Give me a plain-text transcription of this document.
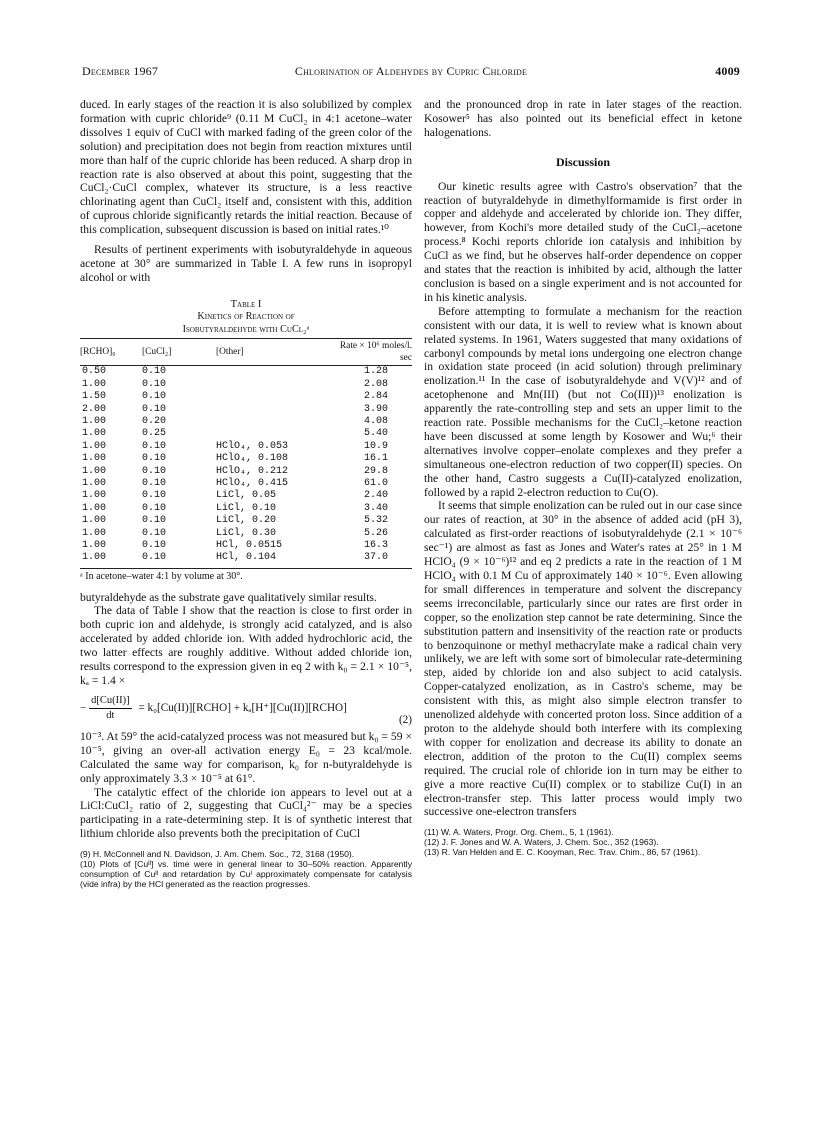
December 1967	Chlorination of Aldehydes by Cupric Chloride	4009

duced. In early stages of the reaction it is also solubilized by complex formation with cupric chloride⁹ (0.11 M CuCl₂ in 4:1 acetone–water dissolves 1 equiv of CuCl with marked fading of the green color of the solution) and precipitation does not begin from reaction mixtures until more than half of the cupric chloride has been reduced. A sharp drop in reaction rate is also observed at about this point, suggesting that the CuCl₂·CuCl complex, whatever its structure, is a less reactive chlorinating agent than CuCl₂ itself and, consistent with this, addition of cuprous chloride significantly retards the initial reaction. Because of this complication, subsequent discussion is based on initial rates.¹⁰

Results of pertinent experiments with isobutyraldehyde in aqueous acetone at 30° are summarized in Table I. A few runs in isopropyl alcohol or with

Table I
Kinetics of Reaction of
Isobutyraldehyde with CuCl₂ᵃ
[RCHO]₀	[CuCl₂]	[Other]	Rate × 10⁶ moles/l. sec
0.50	0.10		1.28
1.00	0.10		2.08
1.50	0.10		2.84
2.00	0.10		3.90
1.00	0.20		4.08
1.00	0.25		5.40
1.00	0.10	HClO₄, 0.053	10.9
1.00	0.10	HClO₄, 0.108	16.1
1.00	0.10	HClO₄, 0.212	29.8
1.00	0.10	HClO₄, 0.415	61.0
1.00	0.10	LiCl, 0.05	2.40
1.00	0.10	LiCl, 0.10	3.40
1.00	0.10	LiCl, 0.20	5.32
1.00	0.10	LiCl, 0.30	5.26
1.00	0.10	HCl, 0.0515	16.3
1.00	0.10	HCl, 0.104	37.0
ᵃ In acetone–water 4:1 by volume at 30°.

butyraldehyde as the substrate gave qualitatively similar results.

The data of Table I show that the reaction is close to first order in both cupric ion and aldehyde, is strongly acid catalyzed, and is also accelerated by added chloride ion. With added hydrochloric acid, the two latter effects are roughly additive. Without added chloride ion, results correspond to the expression given in eq 2 with k₀ = 2.1 × 10⁻⁵, kₐ = 1.4 ×

− $\frac{d[Cu(II)]}{dt}$ = k₀[Cu(II)][RCHO] + kₐ[H⁺][Cu(II)][RCHO]
(2)

10⁻³. At 59° the acid-catalyzed process was not measured but k₀ = 59 × 10⁻⁵, giving an over-all activation energy E₀ = 23 kcal/mole. Calculated the same way for comparison, k₀ for n-butyraldehyde is only approximately 3.3 × 10⁻⁵ at 61°.

The catalytic effect of the chloride ion appears to level out at a LiCl:CuCl₂ ratio of 2, suggesting that CuCl₄²⁻ may be a species participating in a rate-determining step. It is of synthetic interest that lithium chloride also prevents both the precipitation of CuCl

(9) H. McConnell and N. Davidson, J. Am. Chem. Soc., 72, 3168 (1950).
(10) Plots of [Cuᴵᴵ] vs. time were in general linear to 30–50% reaction. Apparently consumption of Cuᴵᴵ and retardation by Cuᴵ approximately compensate for catalysis (vide infra) by the HCl generated as the reaction progresses.

and the pronounced drop in rate in later stages of the reaction. Kosower⁵ has also pointed out its beneficial effect in ketone halogenations.

Discussion

Our kinetic results agree with Castro's observation⁷ that the reaction of butyraldehyde in dimethylformamide is first order in copper and aldehyde and accelerated by chloride ion. They differ, however, from Kochi's more detailed study of the CuCl₂–acetone process.⁸ Kochi reports chloride ion catalysis and inhibition by CuCl as we find, but he observes half-order dependence on copper and states that the reaction is inhibited by acid, although the latter conclusion is based on a single experiment and is not accounted for in his kinetic analysis.

Before attempting to formulate a mechanism for the reaction consistent with our data, it is well to review what is known about related systems. In 1961, Waters suggested that many oxidations of carbonyl compounds by metal ions undergoing one electron change in oxidation state proceed (in acid solution) through preliminary enolization.¹¹ In the case of isobutyraldehyde and V(V)¹² and of acetophenone and Mn(III) (but not Co(III))¹³ enolization is apparently the rate-controlling step and sets an upper limit to the reaction rate. Possible mechanisms for the CuCl₂–ketone reaction have been discussed at some length by Kosower and Wu;⁶ their alternatives involve copper–enolate complexes and they prefer a simultaneous one-electron reduction of two copper(II) species. On the other hand, Castro suggests a Cu(II)-catalyzed enolization, followed by a rapid 2-electron reduction to Cu(O).

It seems that simple enolization can be ruled out in our case since our rates of reaction, at 30° in the absence of added acid (pH 3), calculated as first-order reactions of isobutyraldehyde (2.1 × 10⁻⁶ sec⁻¹) are almost as fast as Jones and Water's rates at 25° in 1 M HClO₄ (9 × 10⁻⁶)¹² and eq 2 predicts a rate in the reaction of 1 M HClO₄ with 0.1 M Cu of approximately 140 × 10⁻⁶. Even allowing for small differences in temperature and solvent the discrepancy seems irreconcilable, particularly since our rates are first order in copper, so the enolization step cannot be rate determining. Since the substitution pattern and insensitivity of the reaction rate or products to benzoquinone or methyl methacrylate make a radical chain very unlikely, we are left with some sort of bimolecular rate-determining step, aided by chloride ion and also subject to acid catalysis. Copper-catalyzed enolization, as in Castro's scheme, may be consistent with this, as might also simple electron transfer to unenolized aldehyde with concerted proton loss. Since addition of a proton to the aldehyde should both interfere with its complexing with copper for enolization and decrease its ability to donate an electron, addition of the proton to the Cu(II) complex seems required. The crucial role of chloride ion in turn may be either to give a more reactive Cu(II) complex or to stabilize Cu(I) in an electron-transfer step. This latter process would imply two successive one-electron transfers

(11) W. A. Waters, Progr. Org. Chem., 5, 1 (1961).
(12) J. F. Jones and W. A. Waters, J. Chem. Soc., 352 (1963).
(13) R. Van Helden and E. C. Kooyman, Rec. Trav. Chim., 86, 57 (1961).
